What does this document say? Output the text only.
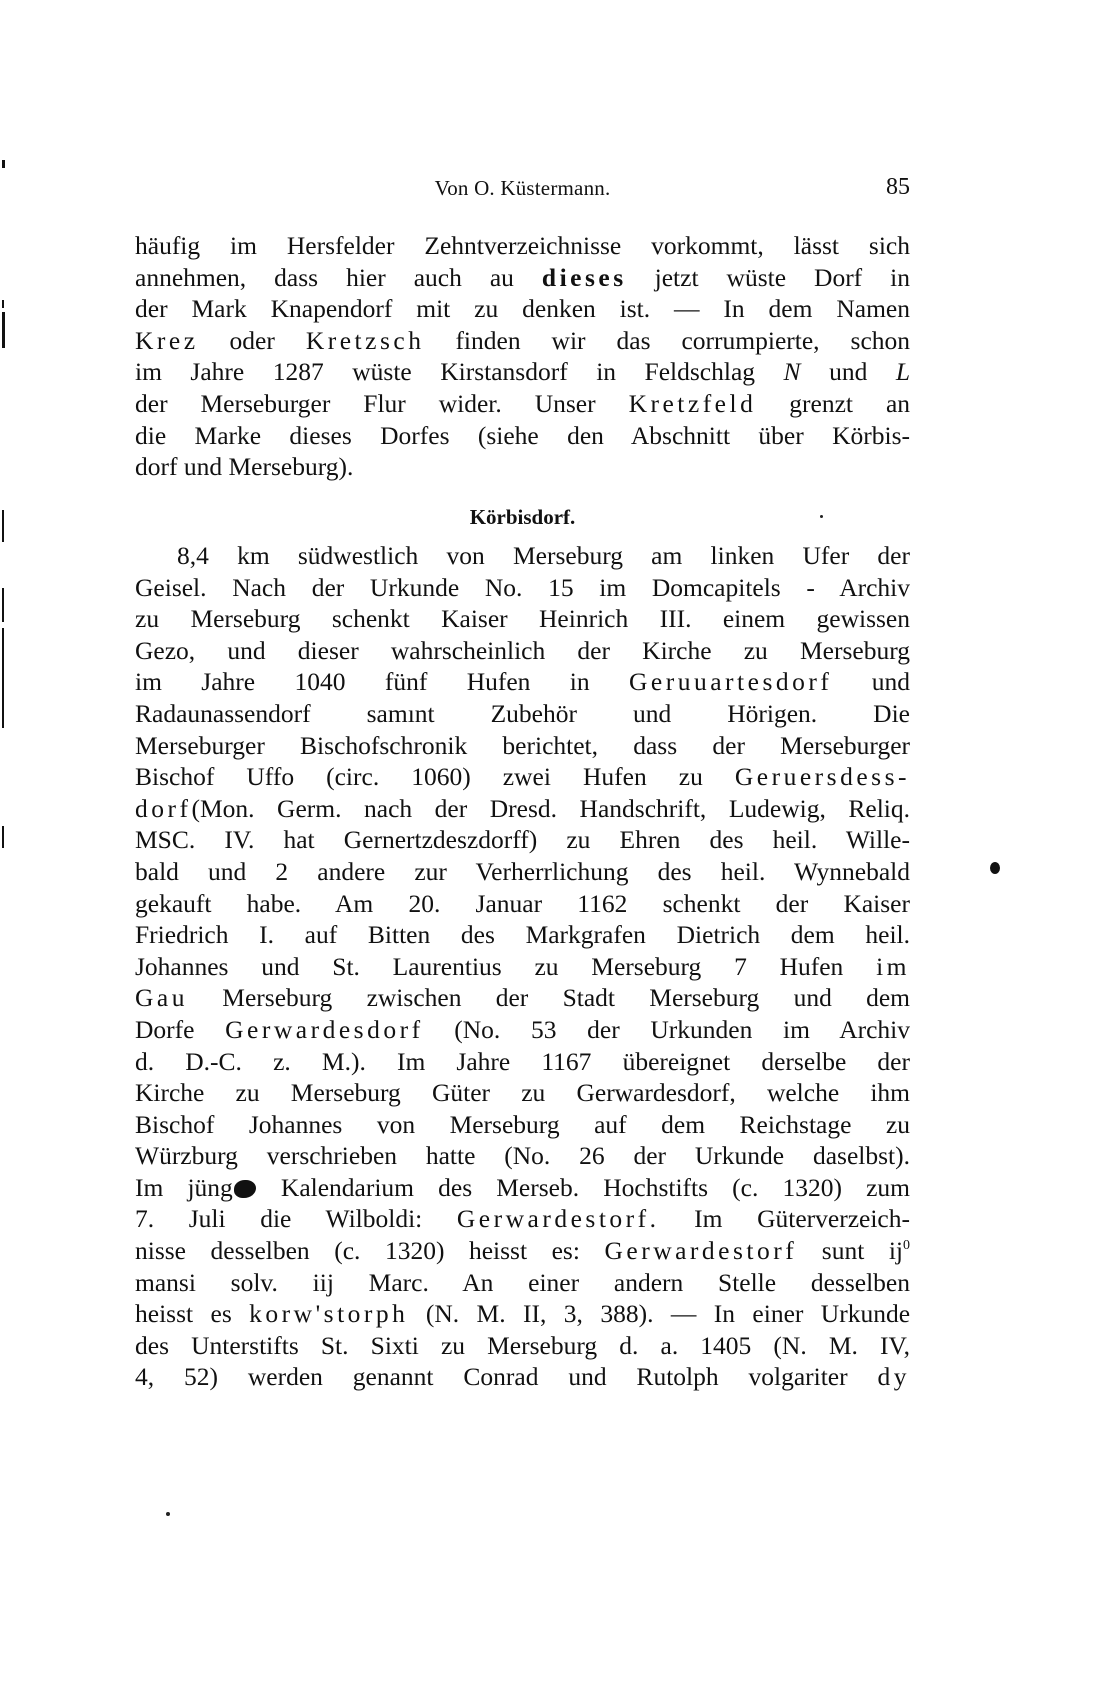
Von O. Küstermann.	85
häufig im Hersfelder Zehntverzeichnisse vorkommt, lässt sich
annehmen, dass hier auch au dieses jetzt wüste Dorf in
der Mark Knapendorf mit zu denken ist. — In dem Namen
Krez oder Kretzsch finden wir das corrumpierte, schon
im Jahre 1287 wüste Kirstansdorf in Feldschlag N und L
der Merseburger Flur wider. Unser Kretzfeld grenzt an
die Marke dieses Dorfes (siehe den Abschnitt über Körbis-
dorf und Merseburg).
Körbisdorf.
8,4 km südwestlich von Merseburg am linken Ufer der
Geisel. Nach der Urkunde No. 15 im Domcapitels - Archiv
zu Merseburg schenkt Kaiser Heinrich III. einem gewissen
Gezo, und dieser wahrscheinlich der Kirche zu Merseburg
im Jahre 1040 fünf Hufen in Geruuartesdorf und
Radaunassendorf samınt Zubehör und Hörigen. Die
Merseburger Bischofschronik berichtet, dass der Merseburger
Bischof Uffo (circ. 1060) zwei Hufen zu Geruersdess-
dorf(Mon. Germ. nach der Dresd. Handschrift, Ludewig, Reliq.
MSC. IV. hat Gernertzdeszdorff) zu Ehren des heil. Wille-
bald und 2 andere zur Verherrlichung des heil. Wynnebald
gekauft habe. Am 20. Januar 1162 schenkt der Kaiser
Friedrich I. auf Bitten des Markgrafen Dietrich dem heil.
Johannes und St. Laurentius zu Merseburg 7 Hufen im
Gau Merseburg zwischen der Stadt Merseburg und dem
Dorfe Gerwardesdorf (No. 53 der Urkunden im Archiv
d. D.-C. z. M.). Im Jahre 1167 übereignet derselbe der
Kirche zu Merseburg Güter zu Gerwardesdorf, welche ihm
Bischof Johannes von Merseburg auf dem Reichstage zu
Würzburg verschrieben hatte (No. 26 der Urkunde daselbst).
Im jüng Kalendarium des Merseb. Hochstifts (c. 1320) zum
7. Juli die Wilboldi: Gerwardestorf. Im Güterverzeich-
nisse desselben (c. 1320) heisst es: Gerwardestorf sunt $ij^0$
mansi solv. iij Marc. An einer andern Stelle desselben
heisst es korw'storph (N. M. II, 3, 388). — In einer Urkunde
des Unterstifts St. Sixti zu Merseburg d. a. 1405 (N. M. IV,
4, 52) werden genannt Conrad und Rutolph volgariter dy
